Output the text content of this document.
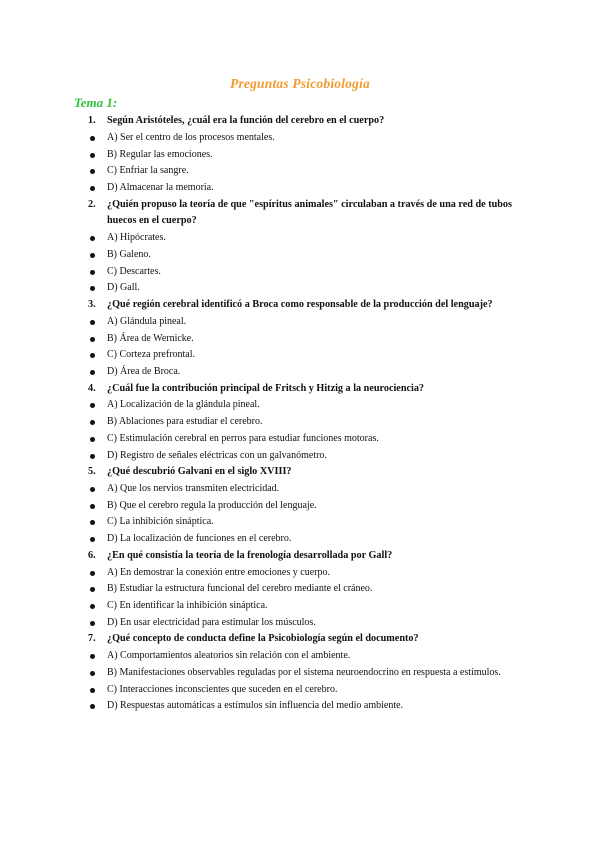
Preguntas Psicobiología
Tema 1:
1. Según Aristóteles, ¿cuál era la función del cerebro en el cuerpo?
A) Ser el centro de los procesos mentales.
B) Regular las emociones.
C) Enfriar la sangre.
D) Almacenar la memoria.
2. ¿Quién propuso la teoría de que "espíritus animales" circulaban a través de una red de tubos huecos en el cuerpo?
A) Hipócrates.
B) Galeno.
C) Descartes.
D) Gall.
3. ¿Qué región cerebral identificó a Broca como responsable de la producción del lenguaje?
A) Glándula pineal.
B) Área de Wernicke.
C) Corteza prefrontal.
D) Área de Broca.
4. ¿Cuál fue la contribución principal de Fritsch y Hitzig a la neurociencia?
A) Localización de la glándula pineal.
B) Ablaciones para estudiar el cerebro.
C) Estimulación cerebral en perros para estudiar funciones motoras.
D) Registro de señales eléctricas con un galvanómetro.
5. ¿Qué descubrió Galvani en el siglo XVIII?
A) Que los nervios transmiten electricidad.
B) Que el cerebro regula la producción del lenguaje.
C) La inhibición sináptica.
D) La localización de funciones en el cerebro.
6. ¿En qué consistía la teoría de la frenología desarrollada por Gall?
A) En demostrar la conexión entre emociones y cuerpo.
B) Estudiar la estructura funcional del cerebro mediante el cráneo.
C) En identificar la inhibición sináptica.
D) En usar electricidad para estimular los músculos.
7. ¿Qué concepto de conducta define la Psicobiología según el documento?
A) Comportamientos aleatorios sin relación con el ambiente.
B) Manifestaciones observables reguladas por el sistema neuroendocrino en respuesta a estímulos.
C) Interacciones inconscientes que suceden en el cerebro.
D) Respuestas automáticas a estímulos sin influencia del medio ambiente.
